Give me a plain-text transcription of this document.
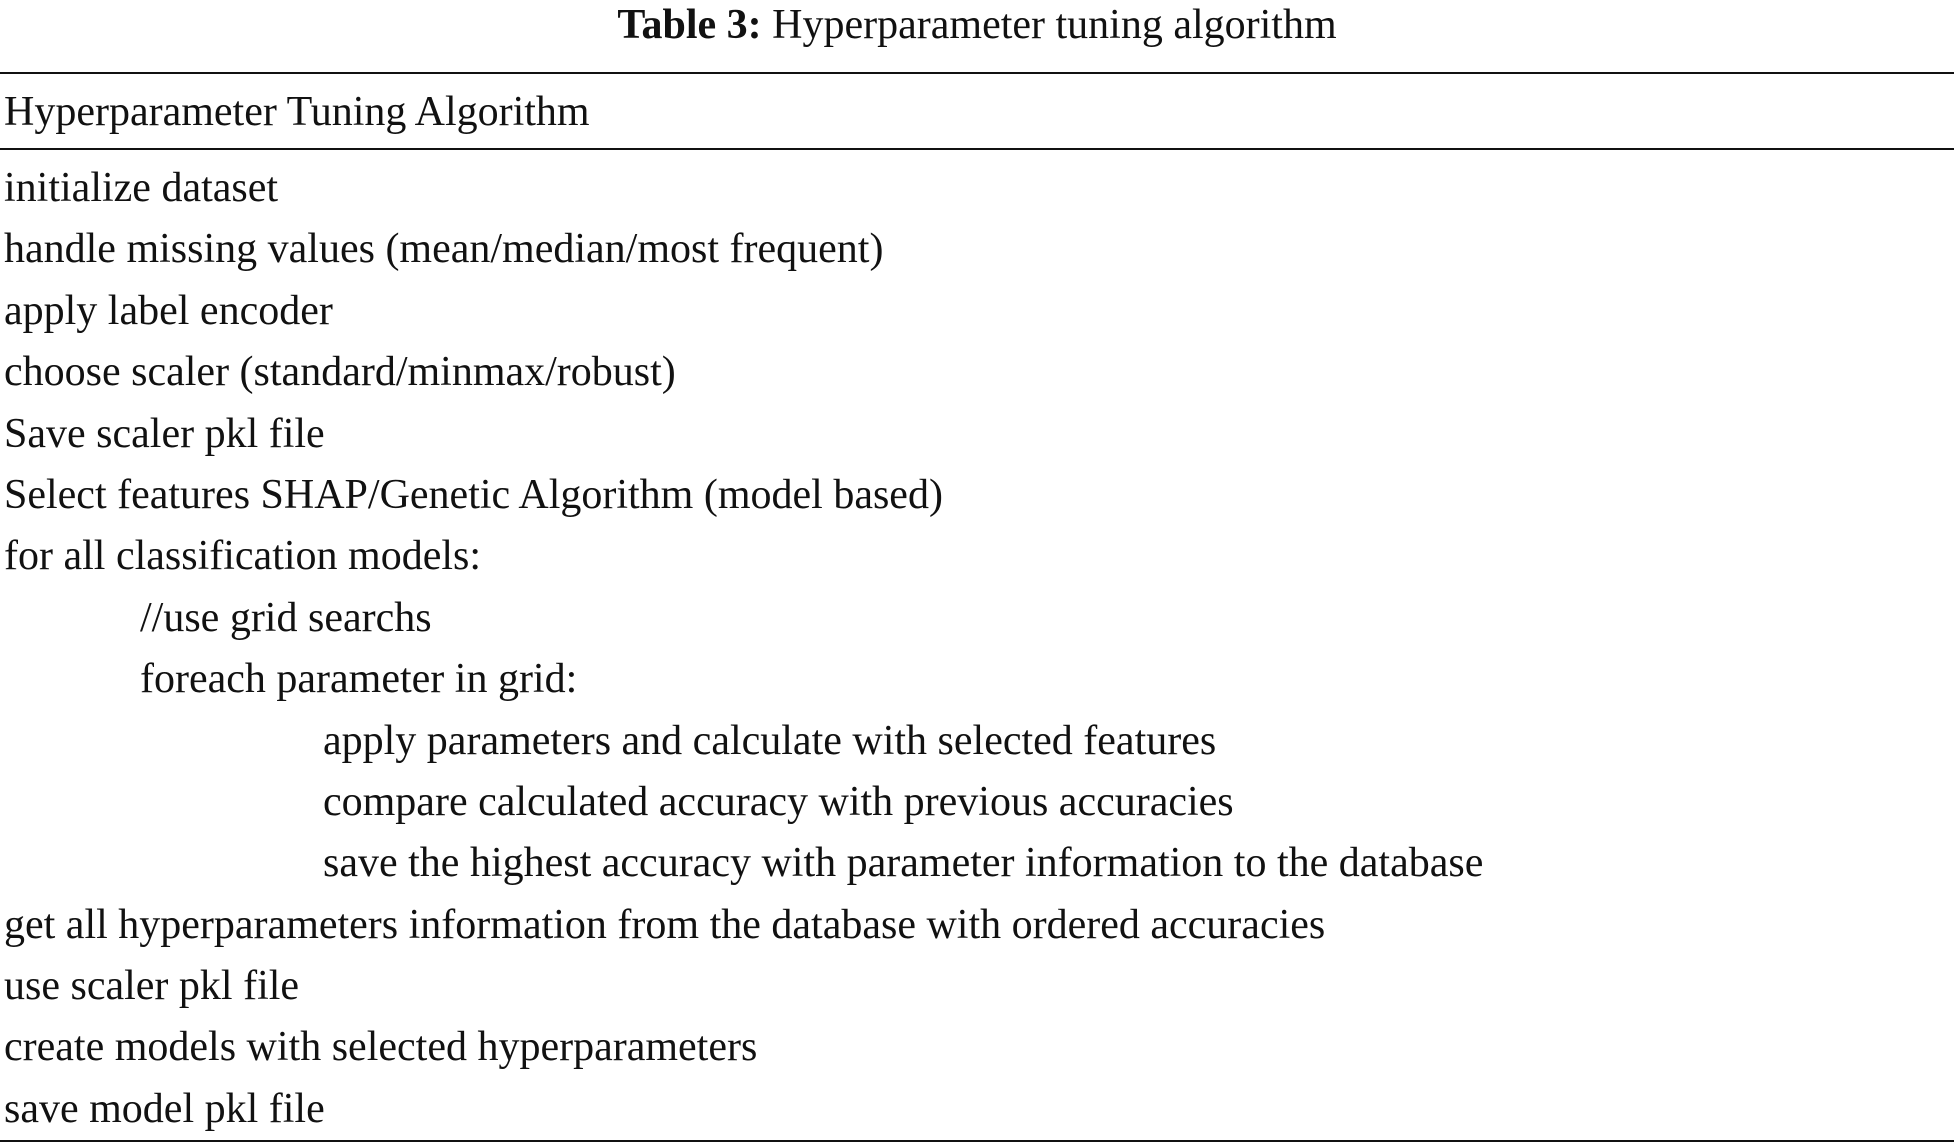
Table 3: Hyperparameter tuning algorithm
Hyperparameter Tuning Algorithm
initialize dataset
handle missing values (mean/median/most frequent)
apply label encoder
choose scaler (standard/minmax/robust)
Save scaler pkl file
Select features SHAP/Genetic Algorithm (model based)
for all classification models:
//use grid searchs
foreach parameter in grid:
apply parameters and calculate with selected features
compare calculated accuracy with previous accuracies
save the highest accuracy with parameter information to the database
get all hyperparameters information from the database with ordered accuracies
use scaler pkl file
create models with selected hyperparameters
save model pkl file
